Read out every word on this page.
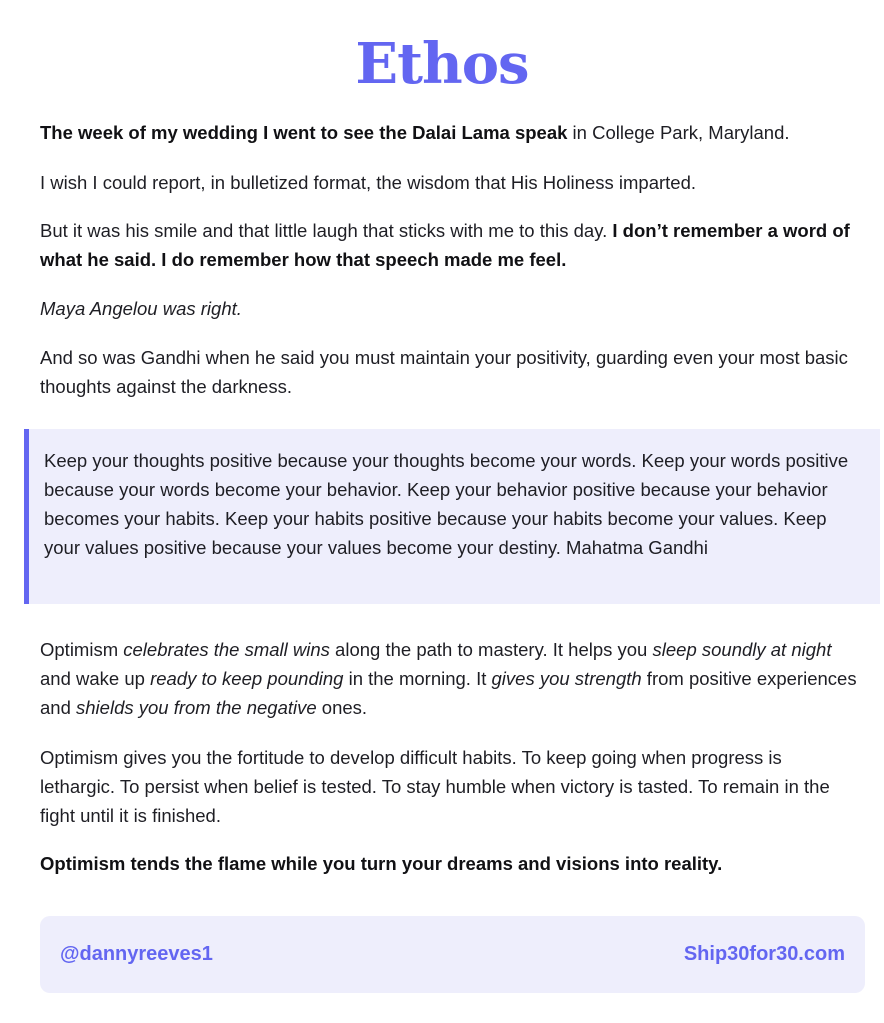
Ethos

The week of my wedding I went to see the Dalai Lama speak in College Park, Maryland.

I wish I could report, in bulletized format, the wisdom that His Holiness imparted.

But it was his smile and that little laugh that sticks with me to this day. I don’t remember a word of what he said. I do remember how that speech made me feel.

Maya Angelou was right.

And so was Gandhi when he said you must maintain your positivity, guarding even your most basic thoughts against the darkness.

Keep your thoughts positive because your thoughts become your words. Keep your words positive because your words become your behavior. Keep your behavior positive because your behavior becomes your habits. Keep your habits positive because your habits become your values. Keep your values positive because your values become your destiny. Mahatma Gandhi

Optimism celebrates the small wins along the path to mastery. It helps you sleep soundly at night and wake up ready to keep pounding in the morning. It gives you strength from positive experiences and shields you from the negative ones.

Optimism gives you the fortitude to develop difficult habits. To keep going when progress is lethargic. To persist when belief is tested. To stay humble when victory is tasted. To remain in the fight until it is finished.

Optimism tends the flame while you turn your dreams and visions into reality.

@dannyreeves1	Ship30for30.com
